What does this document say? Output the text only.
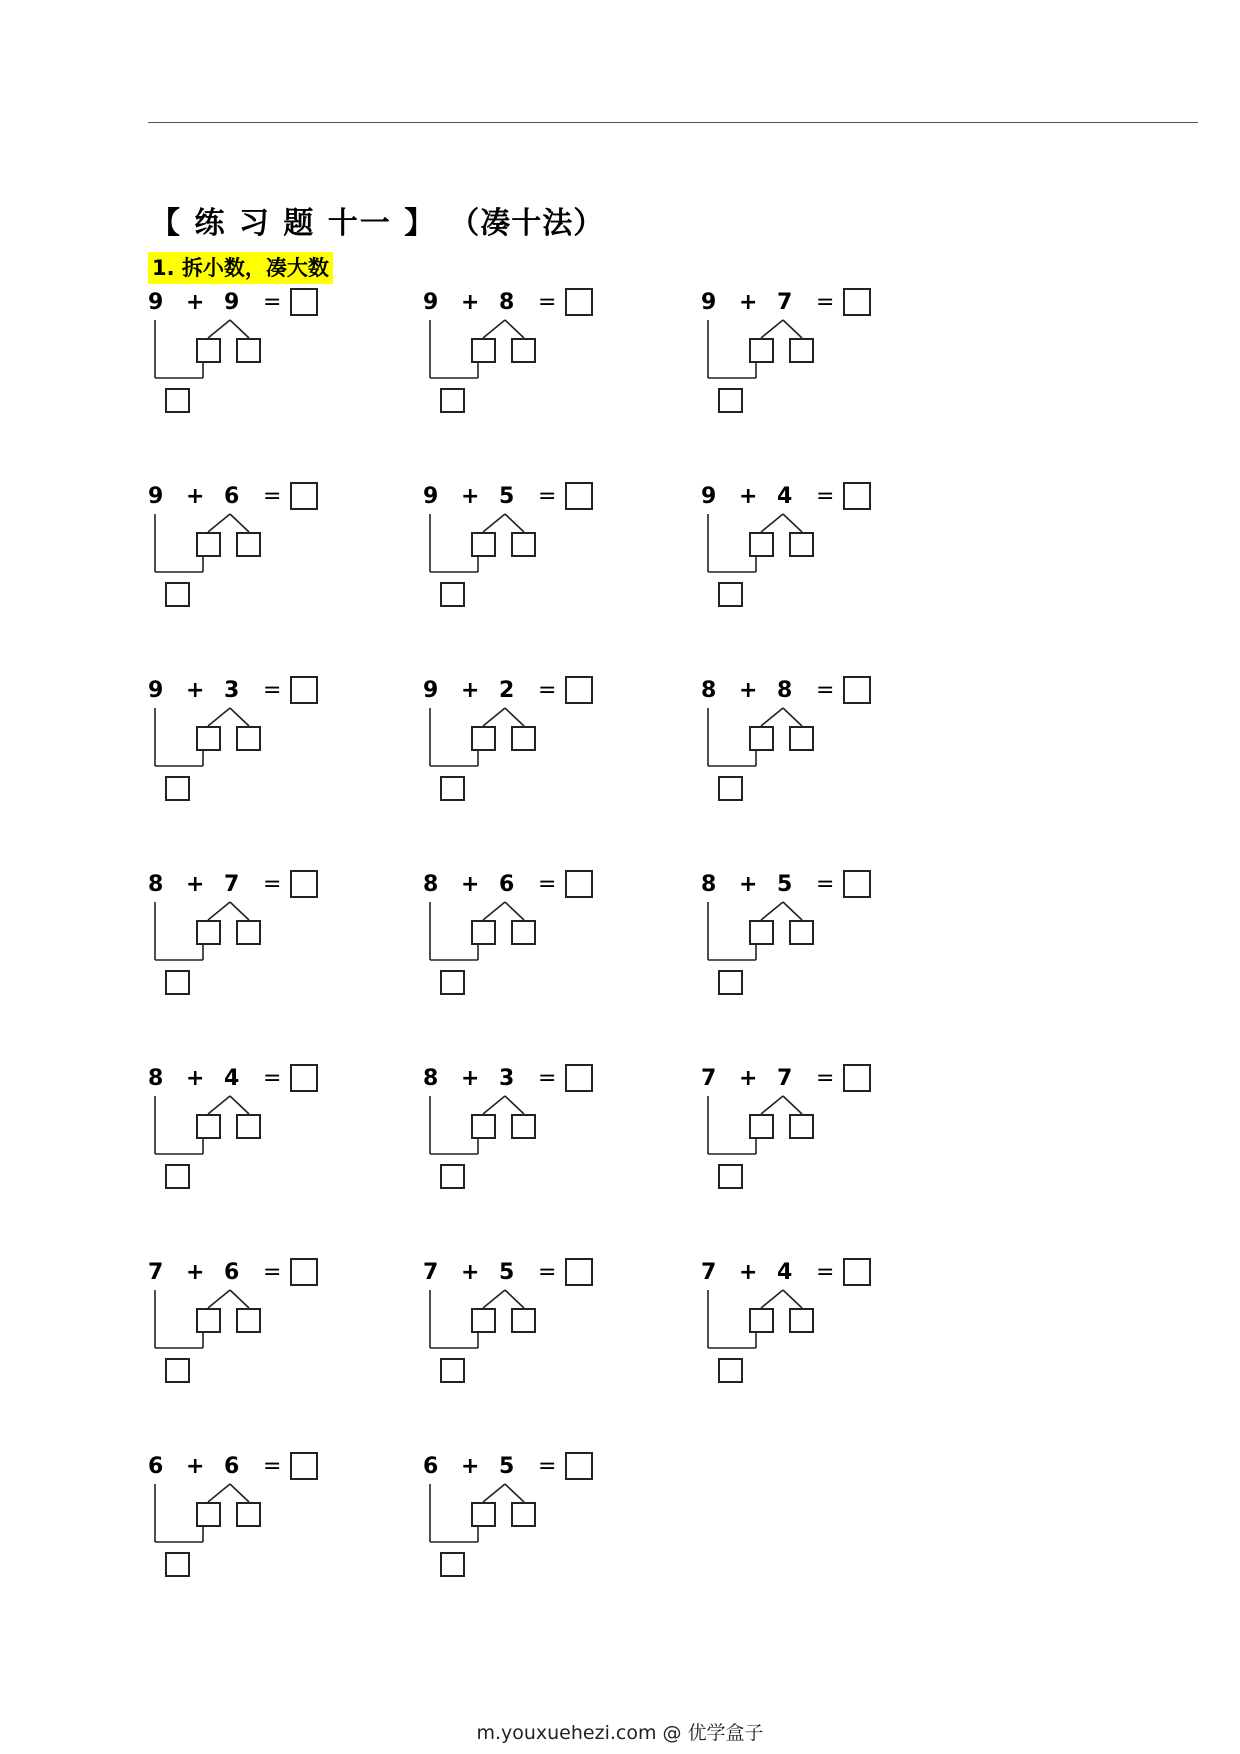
【 练 习 题 十一 】 （凑十法）
1. 拆小数，凑大数
9 + 9 =	9 + 8 =	9 + 7 =
9 + 6 =	9 + 5 =	9 + 4 =
9 + 3 =	9 + 2 =	8 + 8 =
8 + 7 =	8 + 6 =	8 + 5 =
8 + 4 =	8 + 3 =	7 + 7 =
7 + 6 =	7 + 5 =	7 + 4 =
6 + 6 =	6 + 5 =
m.youxuehezi.com @ 优学盒子
